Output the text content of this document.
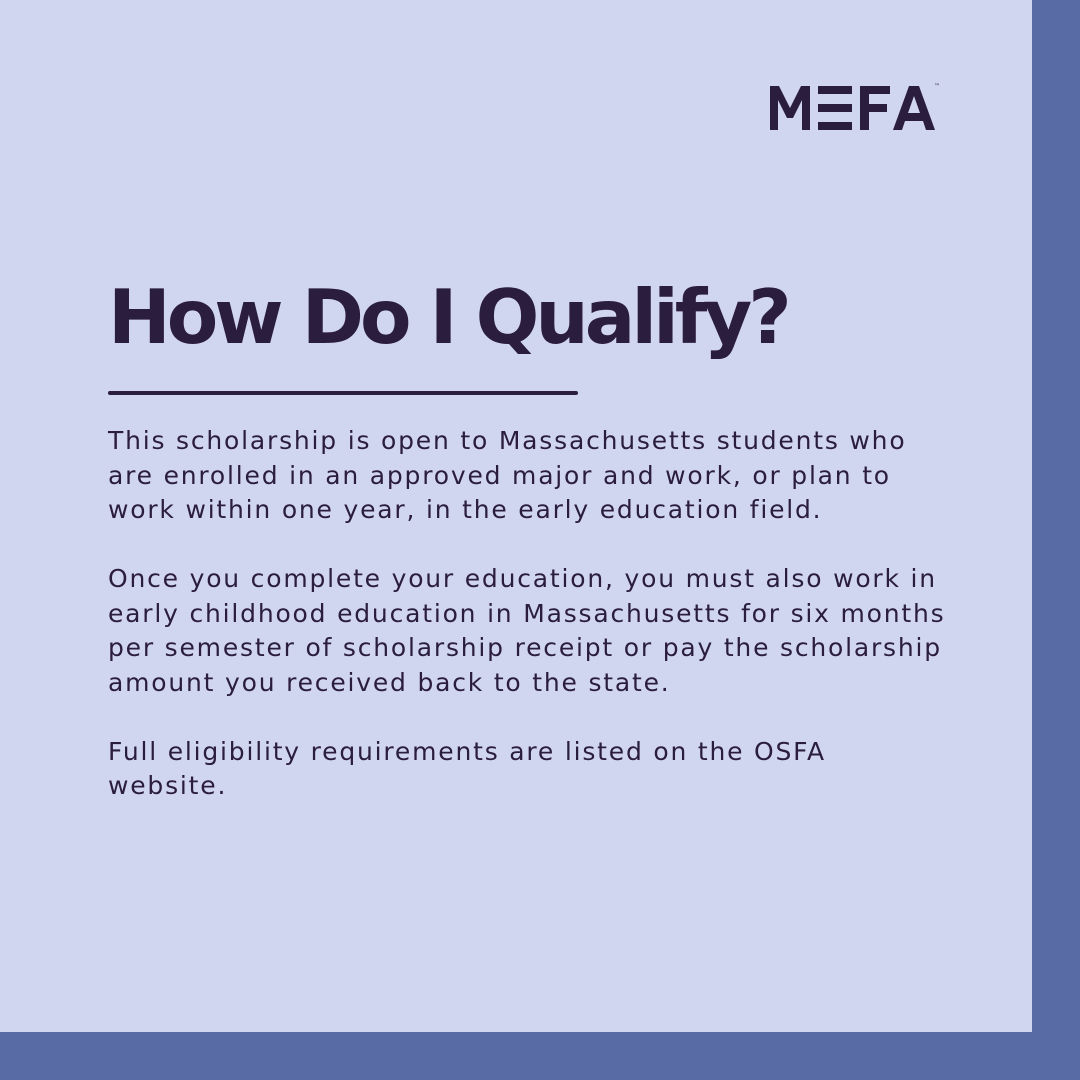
™
How Do I Qualify?

This scholarship is open to Massachusetts students who are enrolled in an approved major and work, or plan to work within one year, in the early education field.

Once you complete your education, you must also work in early childhood education in Massachusetts for six months per semester of scholarship receipt or pay the scholarship amount you received back to the state.

Full eligibility requirements are listed on the OSFA website.
